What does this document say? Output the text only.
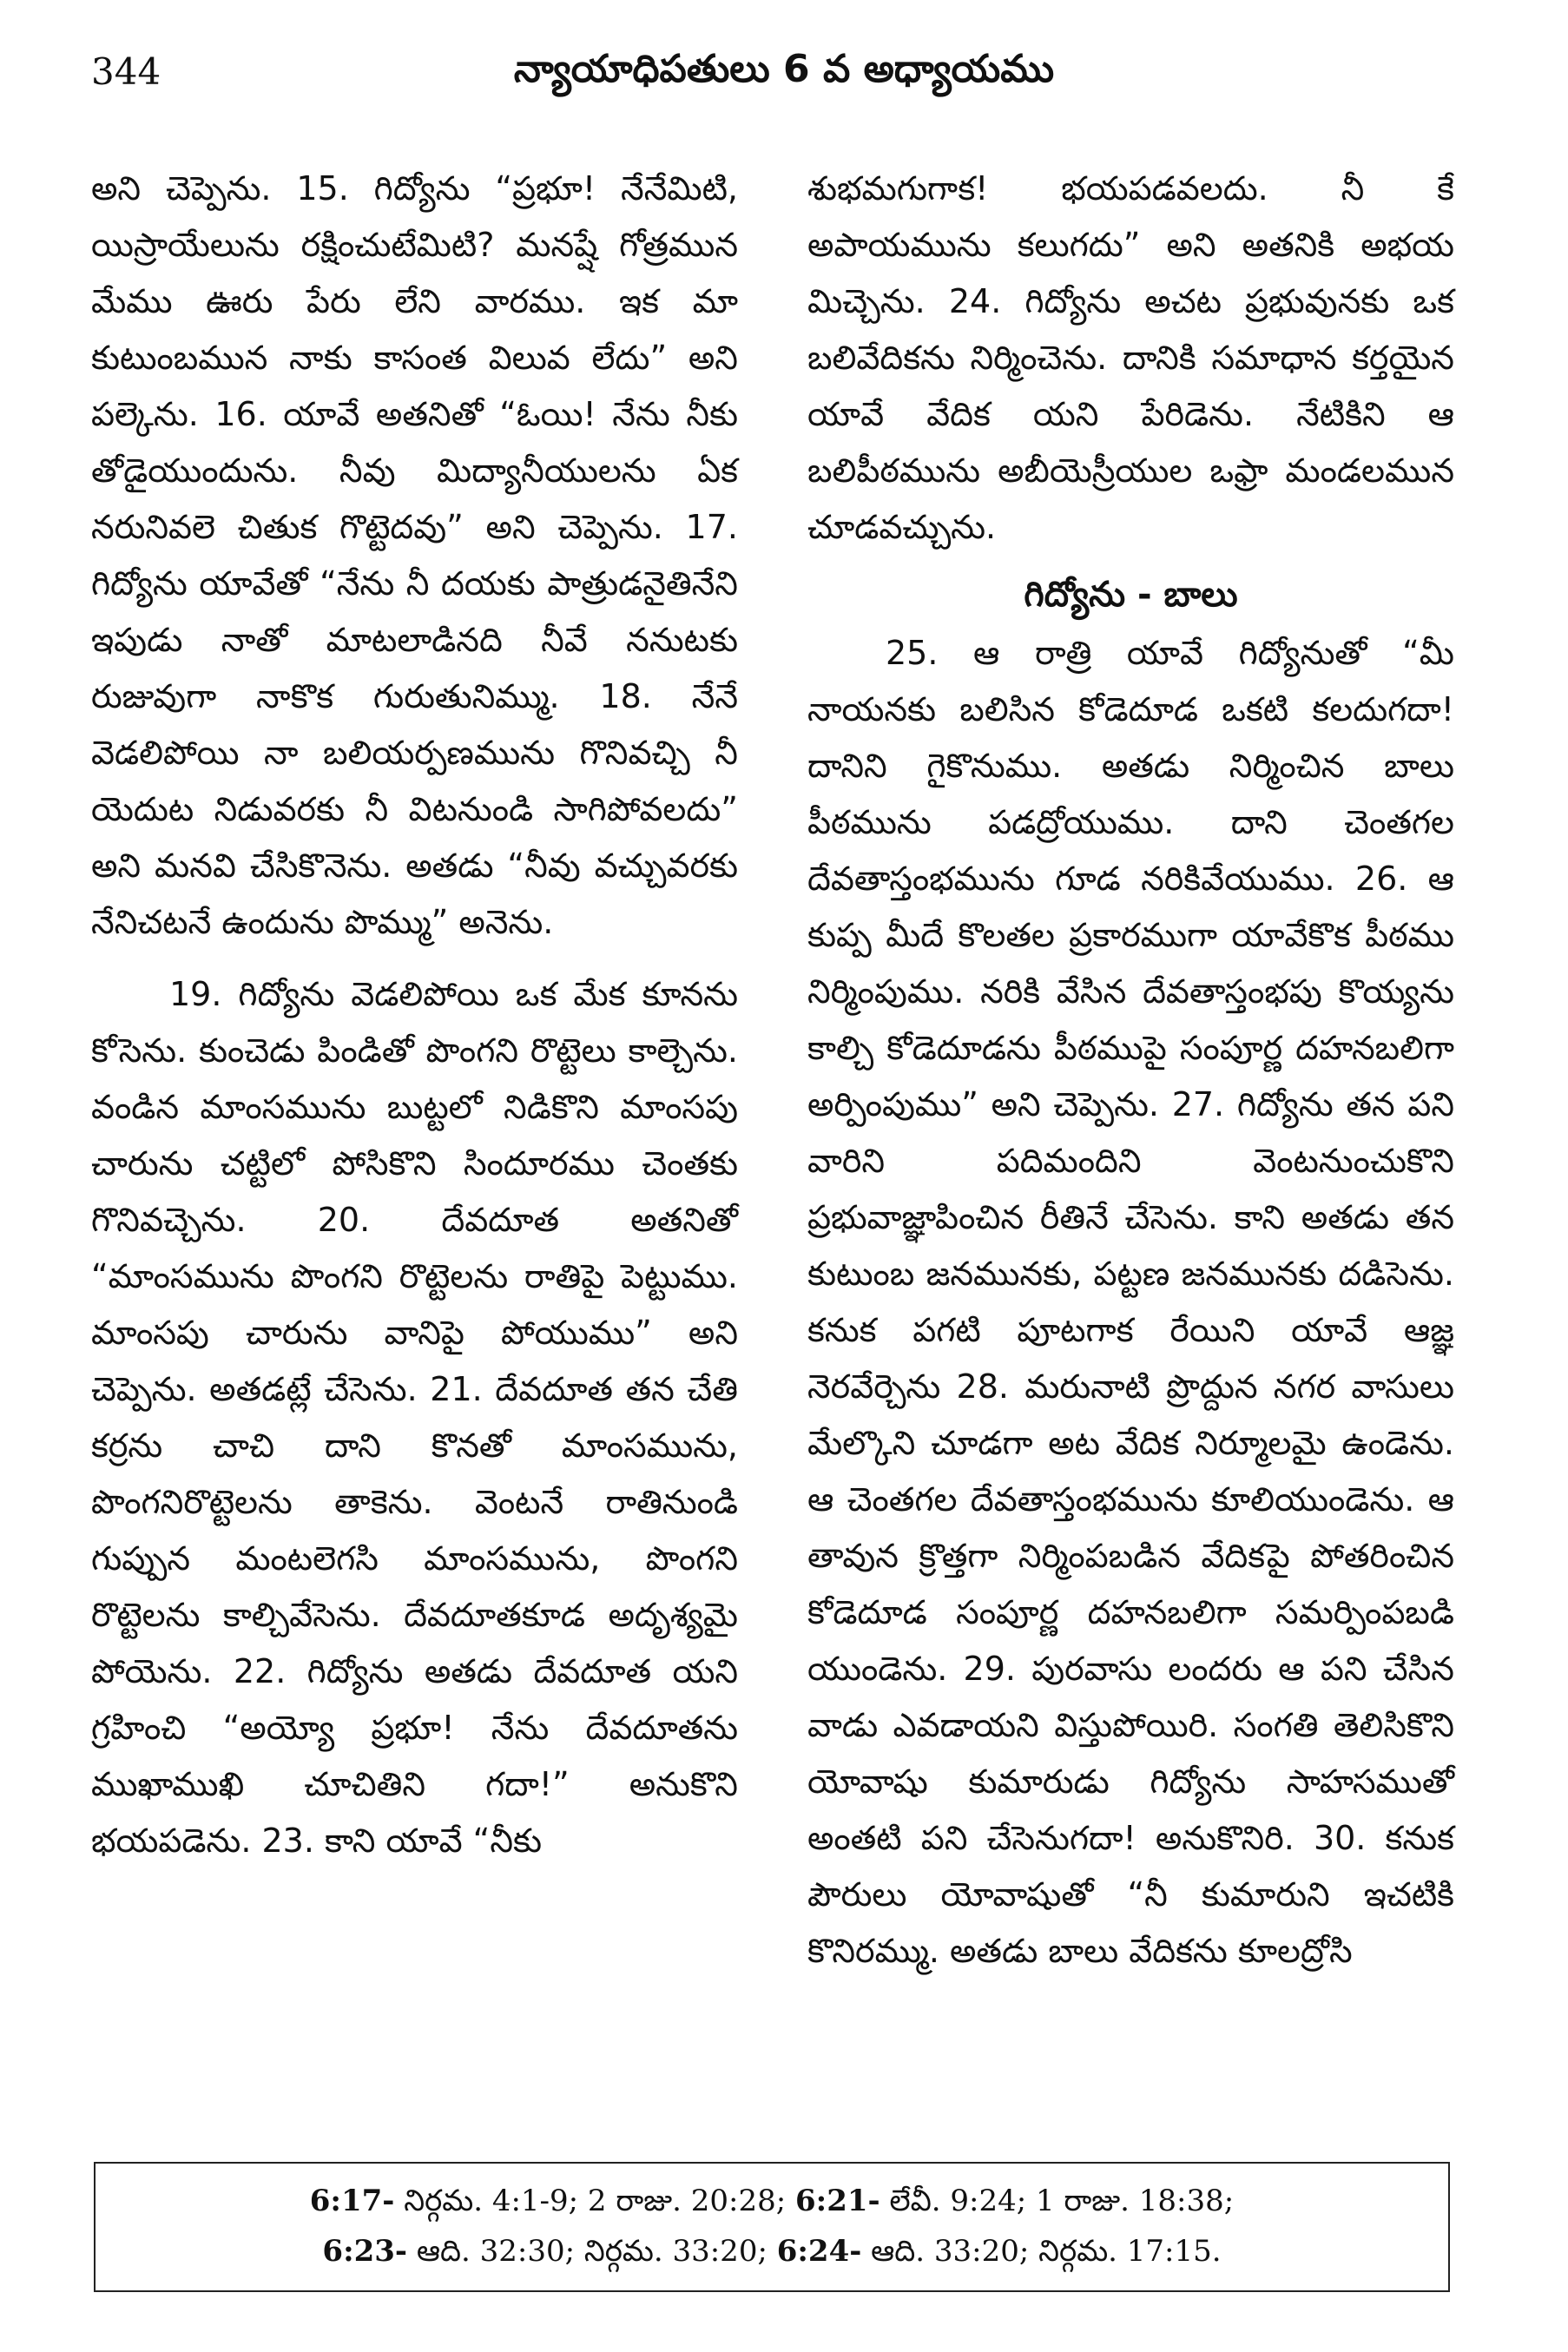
344	న్యాయాధిపతులు 6 వ అధ్యాయము

అని చెప్పెను. 15. గిద్యోను “ప్రభూ! నేనేమిటి, యిస్రాయేలును రక్షించుటేమిటి? మనష్షే గోత్రమున మేము ఊరు పేరు లేని వారము. ఇక మా కుటుంబమున నాకు కాసంత విలువ లేదు” అని పల్కెను. 16. యావే అతనితో “ఓయి! నేను నీకు తోడైయుందును. నీవు మిద్యానీయులను ఏక నరునివలె చితుక గొట్టెదవు” అని చెప్పెను. 17. గిద్యోను యావేతో “నేను నీ దయకు పాత్రుడనైతినేని ఇపుడు నాతో మాటలాడినది నీవే ననుటకు రుజువుగా నాకొక గురుతునిమ్ము. 18. నేనే వెడలిపోయి నా బలియర్పణమును గొనివచ్చి నీ యెదుట నిడువరకు నీ విటనుండి సాగిపోవలదు” అని మనవి చేసికొనెను. అతడు “నీవు వచ్చువరకు నేనిచటనే ఉందును పొమ్ము” అనెను.

19. గిద్యోను వెడలిపోయి ఒక మేక కూనను కోసెను. కుంచెడు పిండితో పొంగని రొట్టెలు కాల్చెను. వండిన మాంసమును బుట్టలో నిడికొని మాంసపు చారును చట్టిలో పోసికొని సిందూరము చెంతకు గొనివచ్చెను. 20. దేవదూత అతనితో “మాంసమును పొంగని రొట్టెలను రాతిపై పెట్టుము. మాంసపు చారును వానిపై పోయుము” అని చెప్పెను. అతడట్లే చేసెను. 21. దేవదూత తన చేతి కర్రను చాచి దాని కొనతో మాంసమును, పొంగనిరొట్టెలను తాకెను. వెంటనే రాతినుండి గుప్పున మంటలెగసి మాంసమును, పొంగని రొట్టెలను కాల్చివేసెను. దేవదూతకూడ అదృశ్యమై పోయెను. 22. గిద్యోను అతడు దేవదూత యని గ్రహించి “అయ్యో ప్రభూ! నేను దేవదూతను ముఖాముఖి చూచితిని గదా!” అనుకొని భయపడెను. 23. కాని యావే “నీకు

శుభమగుగాక! భయపడవలదు. నీ కే అపాయమును కలుగదు” అని అతనికి అభయ మిచ్చెను. 24. గిద్యోను అచట ప్రభువునకు ఒక బలివేదికను నిర్మించెను. దానికి సమాధాన కర్తయైన యావే వేదిక యని పేరిడెను. నేటికిని ఆ బలిపీఠమును అబీయెస్రీయుల ఒఫ్రా మండలమున చూడవచ్చును.

గిద్యోను - బాలు

25. ఆ రాత్రి యావే గిద్యోనుతో “మీ నాయనకు బలిసిన కోడెదూడ ఒకటి కలదుగదా! దానిని గైకొనుము. అతడు నిర్మించిన బాలు పీఠమును పడద్రోయుము. దాని చెంతగల దేవతాస్తంభమును గూడ నరికివేయుము. 26. ఆ కుప్ప మీదే కొలతల ప్రకారముగా యావేకొక పీఠము నిర్మింపుము. నరికి వేసిన దేవతాస్తంభపు కొయ్యను కాల్చి కోడెదూడను పీఠముపై సంపూర్ణ దహనబలిగా అర్పింపుము” అని చెప్పెను. 27. గిద్యోను తన పని వారిని పదిమందిని వెంటనుంచుకొని ప్రభువాజ్ఞాపించిన రీతినే చేసెను. కాని అతడు తన కుటుంబ జనమునకు, పట్టణ జనమునకు దడిసెను. కనుక పగటి పూటగాక రేయిని యావే ఆజ్ఞ నెరవేర్చెను 28. మరునాటి ప్రొద్దున నగర వాసులు మేల్కొని చూడగా అట వేదిక నిర్మూలమై ఉండెను. ఆ చెంతగల దేవతాస్తంభమును కూలియుండెను. ఆ తావున క్రొత్తగా నిర్మింపబడిన వేదికపై పోతరించిన కోడెదూడ సంపూర్ణ దహనబలిగా సమర్పింపబడి యుండెను. 29. పురవాసు లందరు ఆ పని చేసిన వాడు ఎవడాయని విస్తుపోయిరి. సంగతి తెలిసికొని యోవాషు కుమారుడు గిద్యోను సాహసముతో అంతటి పని చేసెనుగదా! అనుకొనిరి. 30. కనుక పౌరులు యోవాషుతో “నీ కుమారుని ఇచటికి కొనిరమ్ము. అతడు బాలు వేదికను కూలద్రోసి

6:17- నిర్గమ. 4:1-9; 2 రాజు. 20:28; 6:21- లేవీ. 9:24; 1 రాజు. 18:38;
6:23- ఆది. 32:30; నిర్గమ. 33:20; 6:24- ఆది. 33:20; నిర్గమ. 17:15.
